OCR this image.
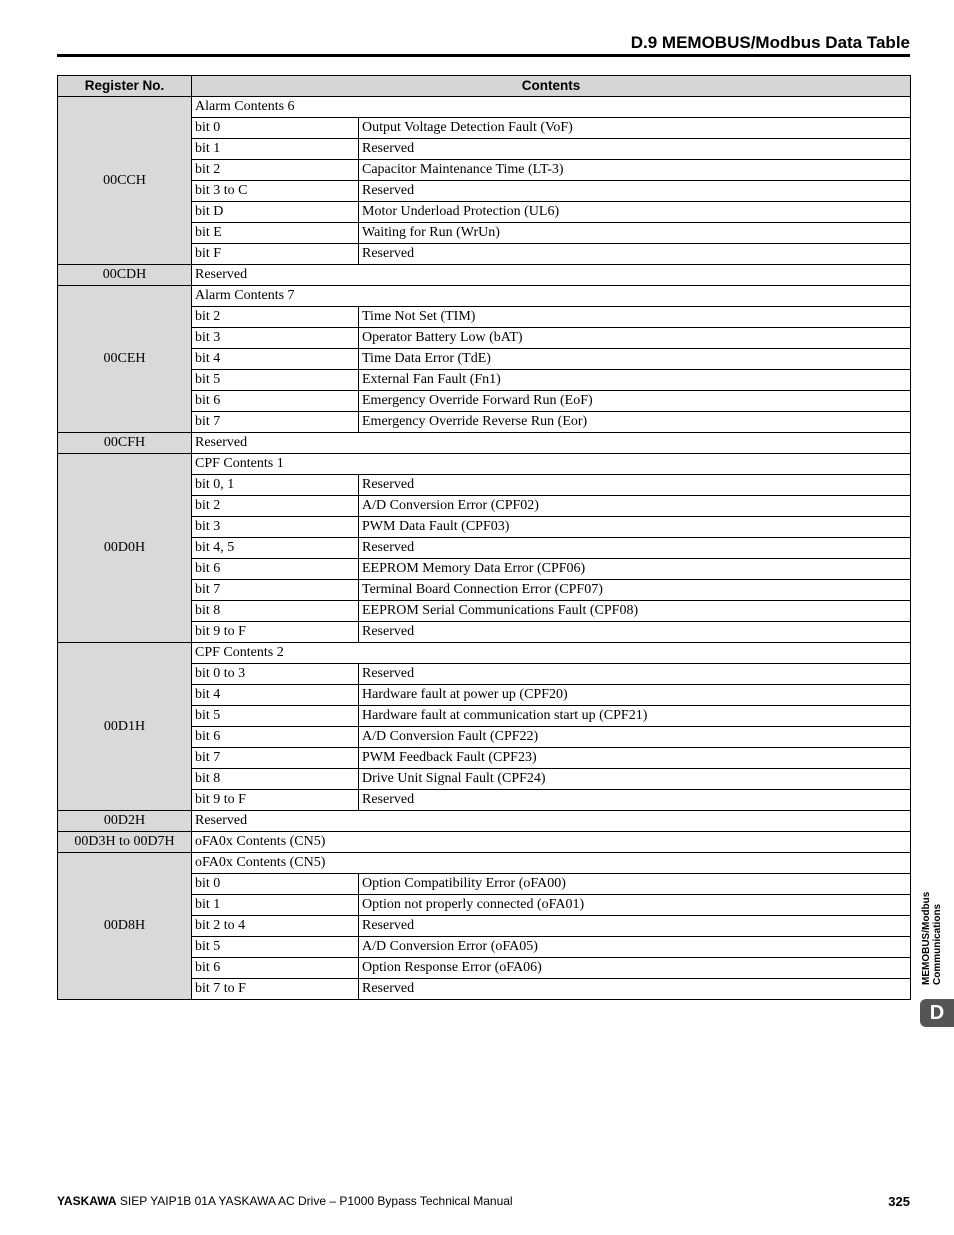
D.9 MEMOBUS/Modbus Data Table
Register No.	Contents	
00CCH	Alarm Contents 6	
	bit 0	Output Voltage Detection Fault (VoF)
	bit 1	Reserved
	bit 2	Capacitor Maintenance Time (LT-3)
	bit 3 to C	Reserved
	bit D	Motor Underload Protection (UL6)
	bit E	Waiting for Run (WrUn)
	bit F	Reserved
00CDH	Reserved	
00CEH	Alarm Contents 7	
	bit 2	Time Not Set (TIM)
	bit 3	Operator Battery Low (bAT)
	bit 4	Time Data Error (TdE)
	bit 5	External Fan Fault (Fn1)
	bit 6	Emergency Override Forward Run (EoF)
	bit 7	Emergency Override Reverse Run (Eor)
00CFH	Reserved	
00D0H	CPF Contents 1	
	bit 0, 1	Reserved
	bit 2	A/D Conversion Error (CPF02)
	bit 3	PWM Data Fault (CPF03)
	bit 4, 5	Reserved
	bit 6	EEPROM Memory Data Error (CPF06)
	bit 7	Terminal Board Connection Error (CPF07)
	bit 8	EEPROM Serial Communications Fault (CPF08)
	bit 9 to F	Reserved
00D1H	CPF Contents 2	
	bit 0 to 3	Reserved
	bit 4	Hardware fault at power up (CPF20)
	bit 5	Hardware fault at communication start up (CPF21)
	bit 6	A/D Conversion Fault (CPF22)
	bit 7	PWM Feedback Fault (CPF23)
	bit 8	Drive Unit Signal Fault (CPF24)
	bit 9 to F	Reserved
00D2H	Reserved	
00D3H to 00D7H	oFA0x Contents (CN5)	
00D8H	oFA0x Contents (CN5)	
	bit 0	Option Compatibility Error (oFA00)
	bit 1	Option not properly connected (oFA01)
	bit 2 to 4	Reserved
	bit 5	A/D Conversion Error (oFA05)
	bit 6	Option Response Error (oFA06)
	bit 7 to F	Reserved
MEMOBUS/Modbus Communications
D
YASKAWA SIEP YAIP1B 01A YASKAWA AC Drive – P1000 Bypass Technical Manual	325
